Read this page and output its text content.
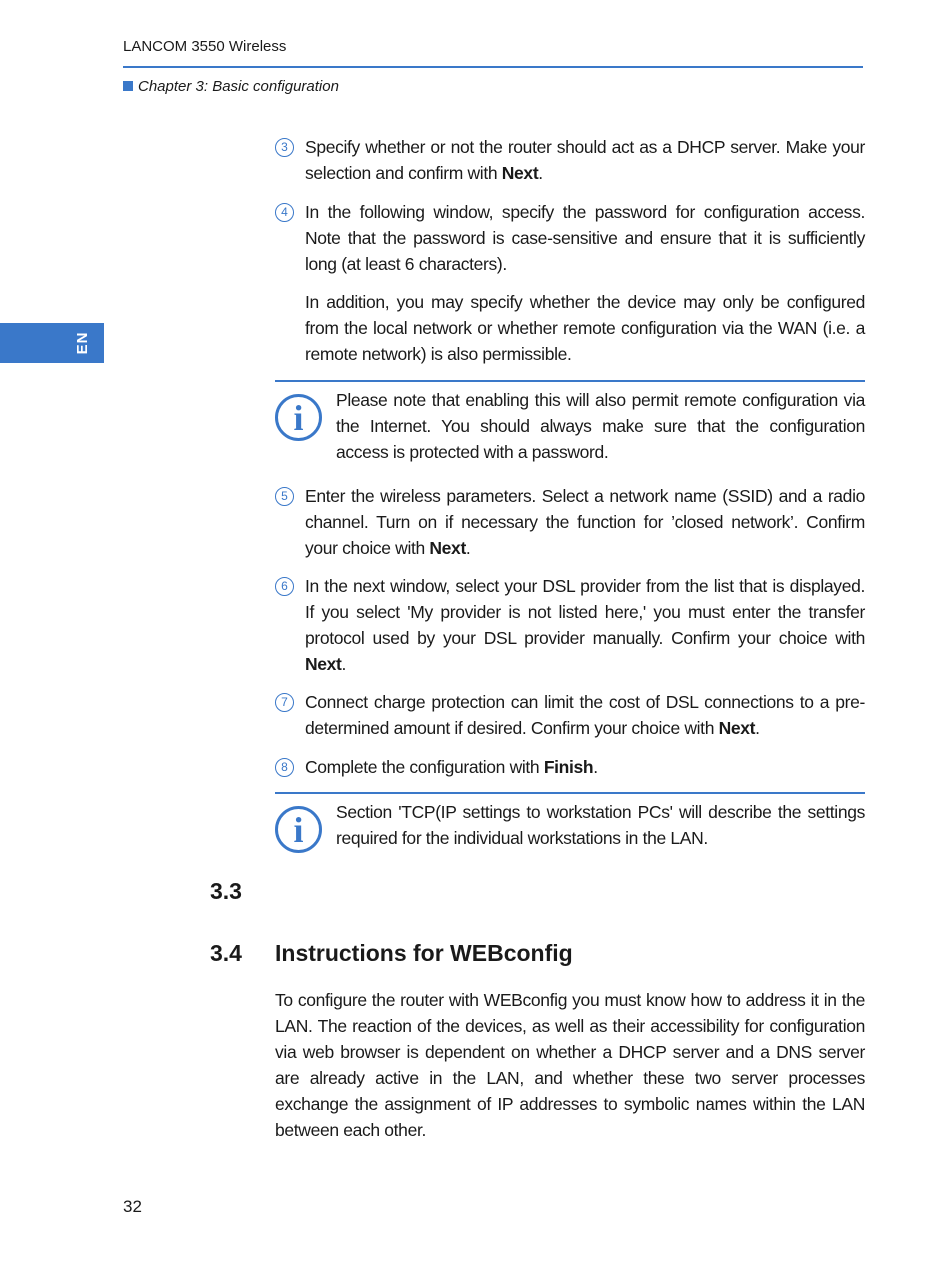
LANCOM 3550 Wireless
Chapter 3: Basic configuration
EN
3 Specify whether or not the router should act as a DHCP server. Make your selection and confirm with Next.
4 In the following window, specify the password for configuration access. Note that the password is case-sensitive and ensure that it is sufficiently long (at least 6 characters).
In addition, you may specify whether the device may only be configured from the local network or whether remote configuration via the WAN (i.e. a remote network) is also permissible.
i	Please note that enabling this will also permit remote configuration via the Internet. You should always make sure that the configuration access is protected with a password.
5 Enter the wireless parameters. Select a network name (SSID) and a radio channel. Turn on if necessary the function for ’closed network’. Confirm your choice with Next.
6 In the next window, select your DSL provider from the list that is displayed. If you select 'My provider is not listed here,' you must enter the transfer protocol used by your DSL provider manually. Confirm your choice with Next.
7 Connect charge protection can limit the cost of DSL connections to a pre-determined amount if desired. Confirm your choice with Next.
8 Complete the configuration with Finish.
i	Section 'TCP(IP settings to workstation PCs' will describe the settings required for the individual workstations in the LAN.
3.3
3.4 Instructions for WEBconfig
To configure the router with WEBconfig you must know how to address it in the LAN. The reaction of the devices, as well as their accessibility for configuration via web browser is dependent on whether a DHCP server and a DNS server are already active in the LAN, and whether these two server processes exchange the assignment of IP addresses to symbolic names within the LAN between each other.
32
